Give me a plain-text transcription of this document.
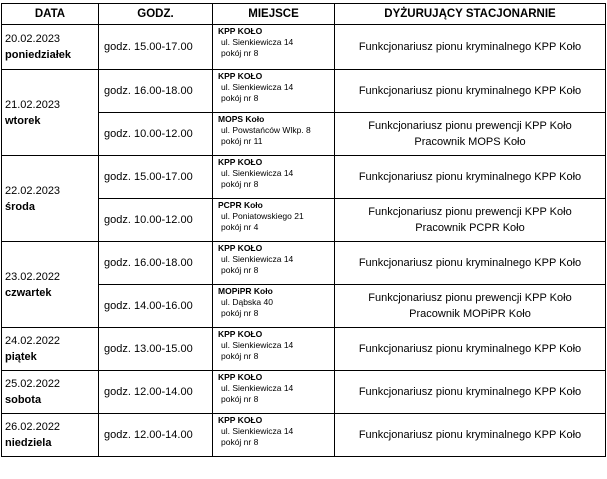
DATA	GODZ.	MIEJSCE	DYŻURUJĄCY STACJONARNIE

20.02.2023
poniedziałek	godz. 15.00-17.00	KPP KOŁO
ul. Sienkiewicza 14
pokój nr 8	Funkcjonariusz pionu kryminalnego KPP Koło

21.02.2023
wtorek	godz. 16.00-18.00	KPP KOŁO
ul. Sienkiewicza 14
pokój nr 8	Funkcjonariusz pionu kryminalnego KPP Koło

	godz. 10.00-12.00	MOPS Koło
ul. Powstańców Wlkp. 8
pokój nr 11	Funkcjonariusz pionu prewencji KPP Koło
Pracownik MOPS Koło

22.02.2023
środa	godz. 15.00-17.00	KPP KOŁO
ul. Sienkiewicza 14
pokój nr 8	Funkcjonariusz pionu kryminalnego KPP Koło

	godz. 10.00-12.00	PCPR Koło
ul. Poniatowskiego 21
pokój nr 4	Funkcjonariusz pionu prewencji KPP Koło
Pracownik PCPR Koło

23.02.2022
czwartek	godz. 16.00-18.00	KPP KOŁO
ul. Sienkiewicza 14
pokój nr 8	Funkcjonariusz pionu kryminalnego KPP Koło

	godz. 14.00-16.00	MOPiPR Koło
ul. Dąbska 40
pokój nr 8	Funkcjonariusz pionu prewencji KPP Koło
Pracownik MOPiPR Koło

24.02.2022
piątek	godz. 13.00-15.00	KPP KOŁO
ul. Sienkiewicza 14
pokój nr 8	Funkcjonariusz pionu kryminalnego KPP Koło

25.02.2022
sobota	godz. 12.00-14.00	KPP KOŁO
ul. Sienkiewicza 14
pokój nr 8	Funkcjonariusz pionu kryminalnego KPP Koło

26.02.2022
niedziela	godz. 12.00-14.00	KPP KOŁO
ul. Sienkiewicza 14
pokój nr 8	Funkcjonariusz pionu kryminalnego KPP Koło
